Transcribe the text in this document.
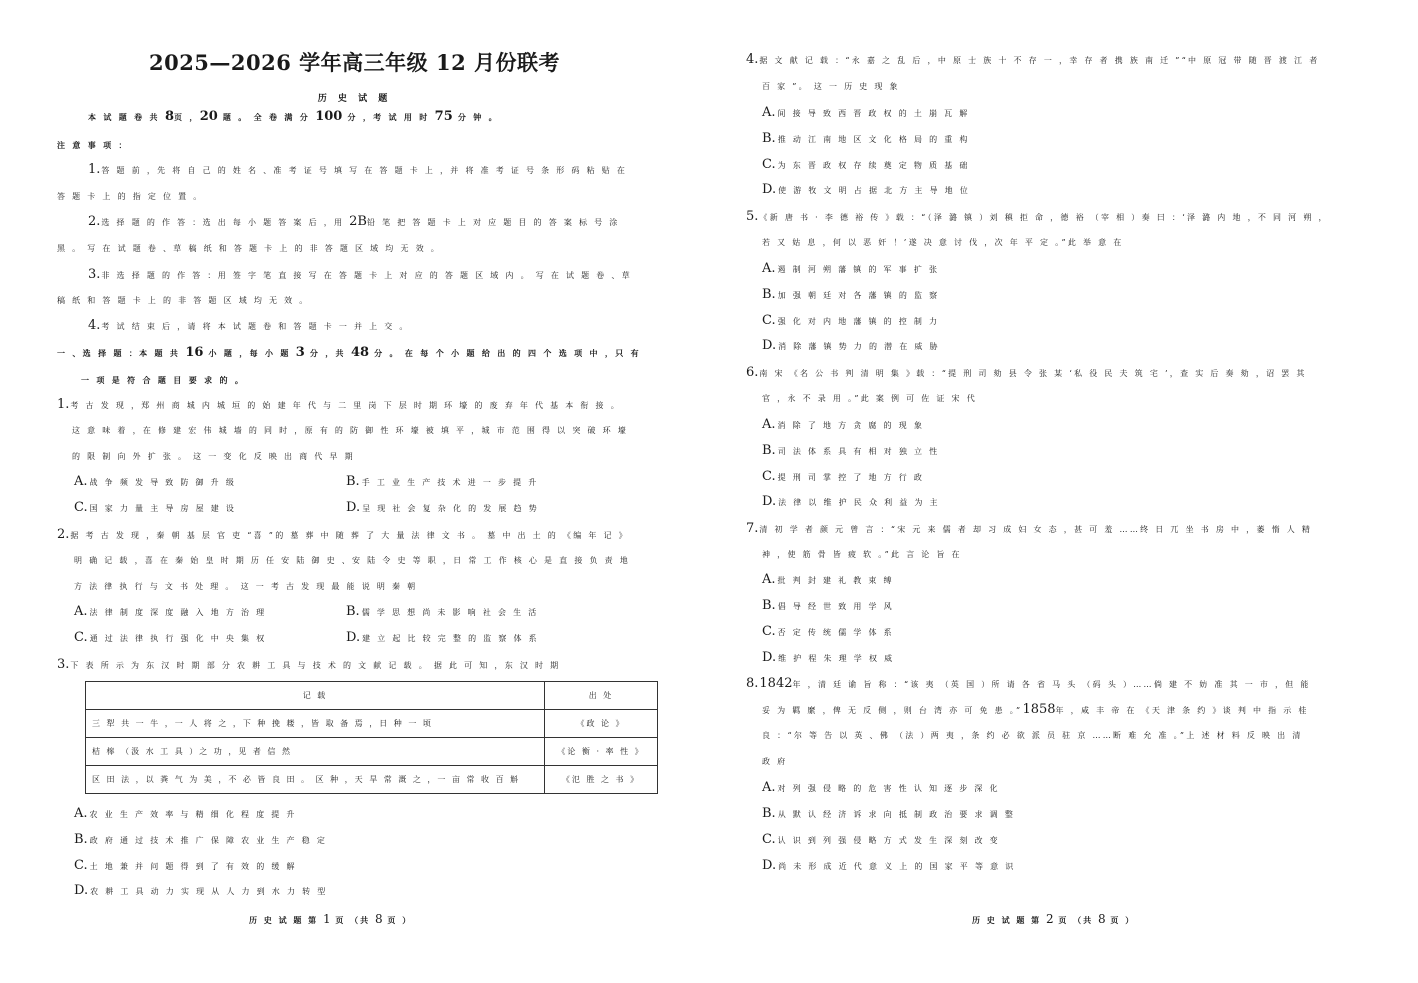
2025—2026 学年高三年级 12 月份联考
历 史 试 题
本 试 题 卷 共 8页 ，20 题 。 全 卷 满 分 100 分 ，考 试 用 时 75 分 钟 。
注 意 事 项 ：
1.答 题 前 ，先 将 自 己 的 姓 名 、准 考 证 号 填 写 在 答 题 卡 上 ，并 将 准 考 证 号 条 形 码 粘 贴 在
答 题 卡 上 的 指 定 位 置 。
2.选 择 题 的 作 答 ：选 出 每 小 题 答 案 后 ，用 2B铅 笔 把 答 题 卡 上 对 应 题 目 的 答 案 标 号 涂
黑 。 写 在 试 题 卷 、草 稿 纸 和 答 题 卡 上 的 非 答 题 区 域 均 无 效 。
3.非 选 择 题 的 作 答 ：用 签 字 笔 直 接 写 在 答 题 卡 上 对 应 的 答 题 区 域 内 。 写 在 试 题 卷 、草
稿 纸 和 答 题 卡 上 的 非 答 题 区 域 均 无 效 。
4.考 试 结 束 后 ，请 将 本 试 题 卷 和 答 题 卡 一 并 上 交 。
一 、选 择 题 ：本 题 共 16 小 题 ，每 小 题 3 分 ，共 48 分 。 在 每 个 小 题 给 出 的 四 个 选 项 中 ，只 有
一 项 是 符 合 题 目 要 求 的 。
1.考 古 发 现 ，郑 州 商 城 内 城 垣 的 始 建 年 代 与 二 里 岗 下 层 时 期 环 壕 的 废 弃 年 代 基 本 衔 接 。
这 意 味 着 ，在 修 建 宏 伟 城 墙 的 同 时 ，原 有 的 防 御 性 环 壕 被 填 平 ，城 市 范 围 得 以 突 破 环 壕
的 限 制 向 外 扩 张 。 这 一 变 化 反 映 出 商 代 早 期
A. 战 争 频 发 导 致 防 御 升 级	B. 手 工 业 生 产 技 术 进 一 步 提 升
C. 国 家 力 量 主 导 房 屋 建 设	D. 呈 现 社 会 复 杂 化 的 发 展 趋 势
2.据 考 古 发 现 ，秦 朝 基 层 官 吏 “喜 ”的 墓 葬 中 随 葬 了 大 量 法 律 文 书 。 墓 中 出 土 的 《编 年 记 》
明 确 记 载 ，喜 在 秦 始 皇 时 期 历 任 安 陆 御 史 、安 陆 令 史 等 职 ，日 常 工 作 核 心 是 直 接 负 责 地
方 法 律 执 行 与 文 书 处 理 。 这 一 考 古 发 现 最 能 说 明 秦 朝
A. 法 律 制 度 深 度 融 入 地 方 治 理	B. 儒 学 思 想 尚 未 影 响 社 会 生 活
C. 通 过 法 律 执 行 强 化 中 央 集 权	D. 建 立 起 比 较 完 整 的 监 察 体 系
3.下 表 所 示 为 东 汉 时 期 部 分 农 耕 工 具 与 技 术 的 文 献 记 载 。 据 此 可 知 ，东 汉 时 期
记 载	出 处
三 犁 共 一 牛 ，一 人 将 之 ，下 种 挽 耧 ，皆 取 备 焉 ，日 种 一 顷	《政 论 》
桔 槔 （汲 水 工 具 ）之 功 ，见 者 信 然	《论 衡 · 率 性 》
区 田 法 ，以 粪 气 为 美 ，不 必 皆 良 田 。 区 种 ，天 旱 常 溉 之 ，一 亩 常 收 百 斛	《氾 胜 之 书 》
A. 农 业 生 产 效 率 与 精 细 化 程 度 提 升
B. 政 府 通 过 技 术 推 广 保 障 农 业 生 产 稳 定
C. 土 地 兼 并 问 题 得 到 了 有 效 的 缓 解
D. 农 耕 工 具 动 力 实 现 从 人 力 到 水 力 转 型
历 史 试 题 第 1 页 （共 8 页 ）
4.据 文 献 记 载 ：“永 嘉 之 乱 后 ，中 原 士 族 十 不 存 一 ，幸 存 者 携 族 南 迁 ”“中 原 冠 带 随 晋 渡 江 者
百 家 ”。 这 一 历 史 现 象
A. 间 接 导 致 西 晋 政 权 的 土 崩 瓦 解
B. 推 动 江 南 地 区 文 化 格 局 的 重 构
C. 为 东 晋 政 权 存 续 奠 定 物 质 基 础
D. 使 游 牧 文 明 占 据 北 方 主 导 地 位
5.《新 唐 书 · 李 德 裕 传 》载 ：“（泽 潞 镇 ）刘 稹 拒 命 ，德 裕 （宰 相 ）奏 曰 ：‘泽 潞 内 地 ，不 同 河 朔 ，
若 又 姑 息 ，何 以 恶 奸 ！’遂 决 意 讨 伐 ，次 年 平 定 。”此 举 意 在
A. 遏 制 河 朔 藩 镇 的 军 事 扩 张
B. 加 强 朝 廷 对 各 藩 镇 的 监 察
C. 强 化 对 内 地 藩 镇 的 控 制 力
D. 消 除 藩 镇 势 力 的 潜 在 威 胁
6.南 宋 《名 公 书 判 清 明 集 》载 ：“提 刑 司 劾 县 令 张 某 ‘私 役 民 夫 筑 宅 ’，查 实 后 奏 劾 ，诏 罢 其
官 ，永 不 录 用 。”此 案 例 可 佐 证 宋 代
A. 消 除 了 地 方 贪 腐 的 现 象
B. 司 法 体 系 具 有 相 对 独 立 性
C. 提 刑 司 掌 控 了 地 方 行 政
D. 法 律 以 维 护 民 众 利 益 为 主
7.清 初 学 者 颜 元 曾 言 ：“宋 元 来 儒 者 却 习 成 妇 女 态 ，甚 可 羞 ……终 日 兀 坐 书 房 中 ，萎 惰 人 精
神 ，使 筋 骨 皆 疲 软 。”此 言 论 旨 在
A. 批 判 封 建 礼 教 束 缚
B. 倡 导 经 世 致 用 学 风
C. 否 定 传 统 儒 学 体 系
D. 维 护 程 朱 理 学 权 威
8.1842年 ，清 廷 谕 旨 称 ：“该 夷 （英 国 ）所 请 各 省 马 头 （码 头 ）……倘 建 不 妨 准 其 一 市 ，但 能
妥 为 羁 縻 ，俾 无 反 侧 ，则 台 湾 亦 可 免 患 。”1858年 ，咸 丰 帝 在 《天 津 条 约 》谈 判 中 指 示 桂
良 ：“尔 等 告 以 英 、佛 （法 ）两 夷 ，条 约 必 欲 派 员 驻 京 ……断 难 允 准 。”上 述 材 料 反 映 出 清
政 府
A. 对 列 强 侵 略 的 危 害 性 认 知 逐 步 深 化
B. 从 默 认 经 济 诉 求 向 抵 制 政 治 要 求 调 整
C. 认 识 到 列 强 侵 略 方 式 发 生 深 刻 改 变
D. 尚 未 形 成 近 代 意 义 上 的 国 家 平 等 意 识
历 史 试 题 第 2 页 （共 8 页 ）
